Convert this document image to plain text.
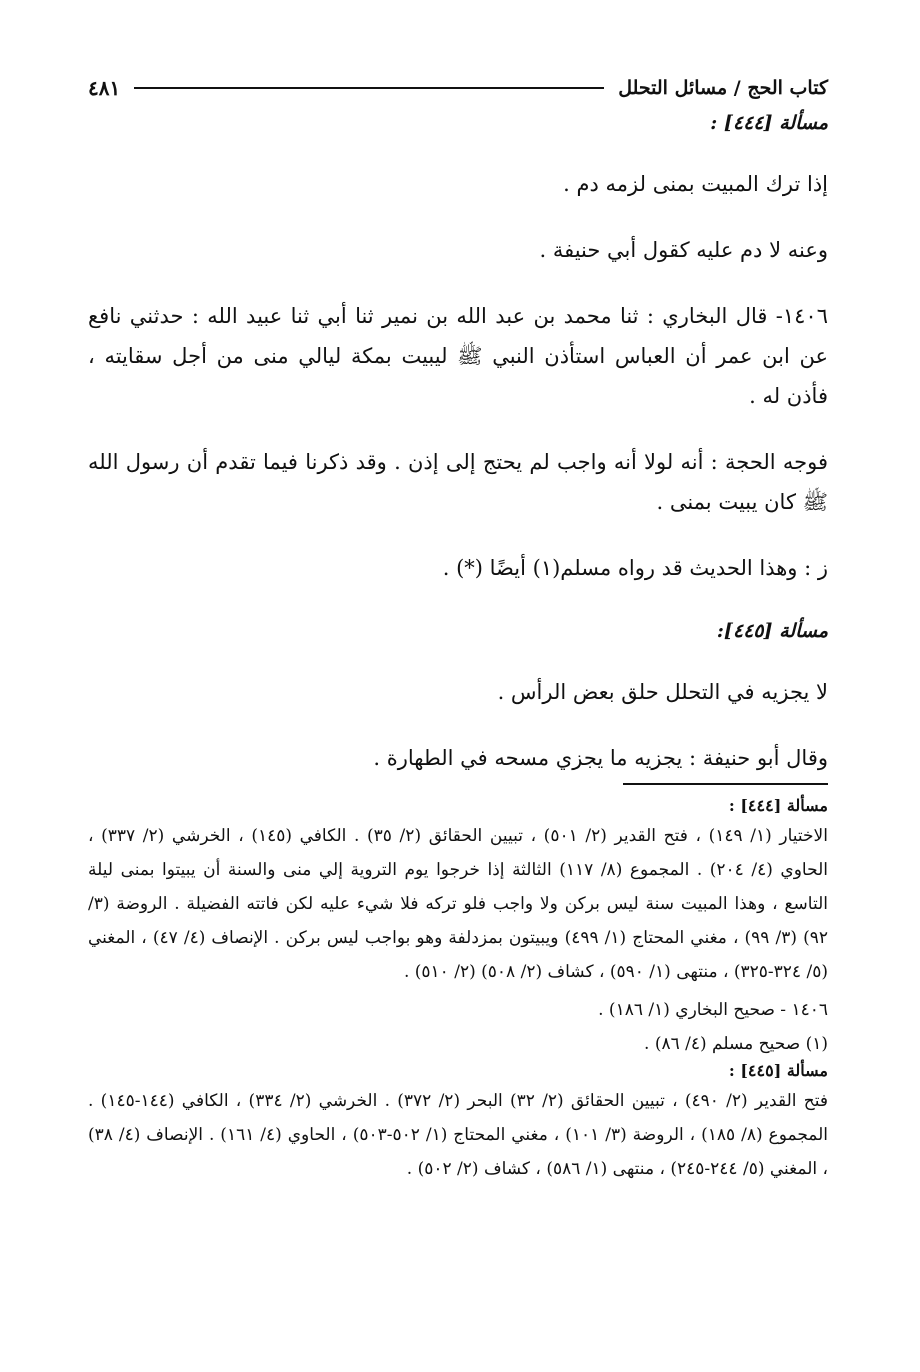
كتاب الحج / مسائل التحلل
٤٨١

مسألة [٤٤٤] :

إذا ترك المبيت بمنى لزمه دم .

وعنه لا دم عليه كقول أبي حنيفة .

١٤٠٦- قال البخاري : ثنا محمد بن عبد الله بن نمير ثنا أبي ثنا عبيد الله : حدثني نافع عن ابن عمر أن العباس استأذن النبي ﷺ ليبيت بمكة ليالي منى من أجل سقايته ، فأذن له .

فوجه الحجة : أنه لولا أنه واجب لم يحتج إلى إذن . وقد ذكرنا فيما تقدم أن رسول الله ﷺ كان يبيت بمنى .

ز : وهذا الحديث قد رواه مسلم(١) أيضًا (*) .

مسألة [٤٤٥]:

لا يجزيه في التحلل حلق بعض الرأس .

وقال أبو حنيفة : يجزيه ما يجزي مسحه في الطهارة .

مسألة [٤٤٤] :

الاختيار (١/ ١٤٩) ، فتح القدير (٢/ ٥٠١) ، تبيين الحقائق (٢/ ٣٥) . الكافي (١٤٥) ، الخرشي (٢/ ٣٣٧) ، الحاوي (٤/ ٢٠٤) . المجموع (٨/ ١١٧) الثالثة إذا خرجوا يوم التروية إلي منى والسنة أن يبيتوا بمنى ليلة التاسع ، وهذا المبيت سنة ليس بركن ولا واجب فلو تركه فلا شيء عليه لكن فاتته الفضيلة . الروضة (٣/ ٩٢) (٣/ ٩٩) ، مغني المحتاج (١/ ٤٩٩) ويبيتون بمزدلفة وهو بواجب ليس بركن . الإنصاف (٤/ ٤٧) ، المغني (٥/ ٣٢٤-٣٢٥) ، منتهى (١/ ٥٩٠) ، كشاف (٢/ ٥٠٨) (٢/ ٥١٠) .

١٤٠٦ - صحيح البخاري (١/ ١٨٦) .

(١) صحيح مسلم (٤/ ٨٦) .

مسألة [٤٤٥] :

فتح القدير (٢/ ٤٩٠) ، تبيين الحقائق (٢/ ٣٢) البحر (٢/ ٣٧٢) . الخرشي (٢/ ٣٣٤) ، الكافي (١٤٤-١٤٥) . المجموع (٨/ ١٨٥) ، الروضة (٣/ ١٠١) ، مغني المحتاج (١/ ٥٠٢-٥٠٣) ، الحاوي (٤/ ١٦١) . الإنصاف (٤/ ٣٨) ، المغني (٥/ ٢٤٤-٢٤٥) ، منتهى (١/ ٥٨٦) ، كشاف (٢/ ٥٠٢) .
